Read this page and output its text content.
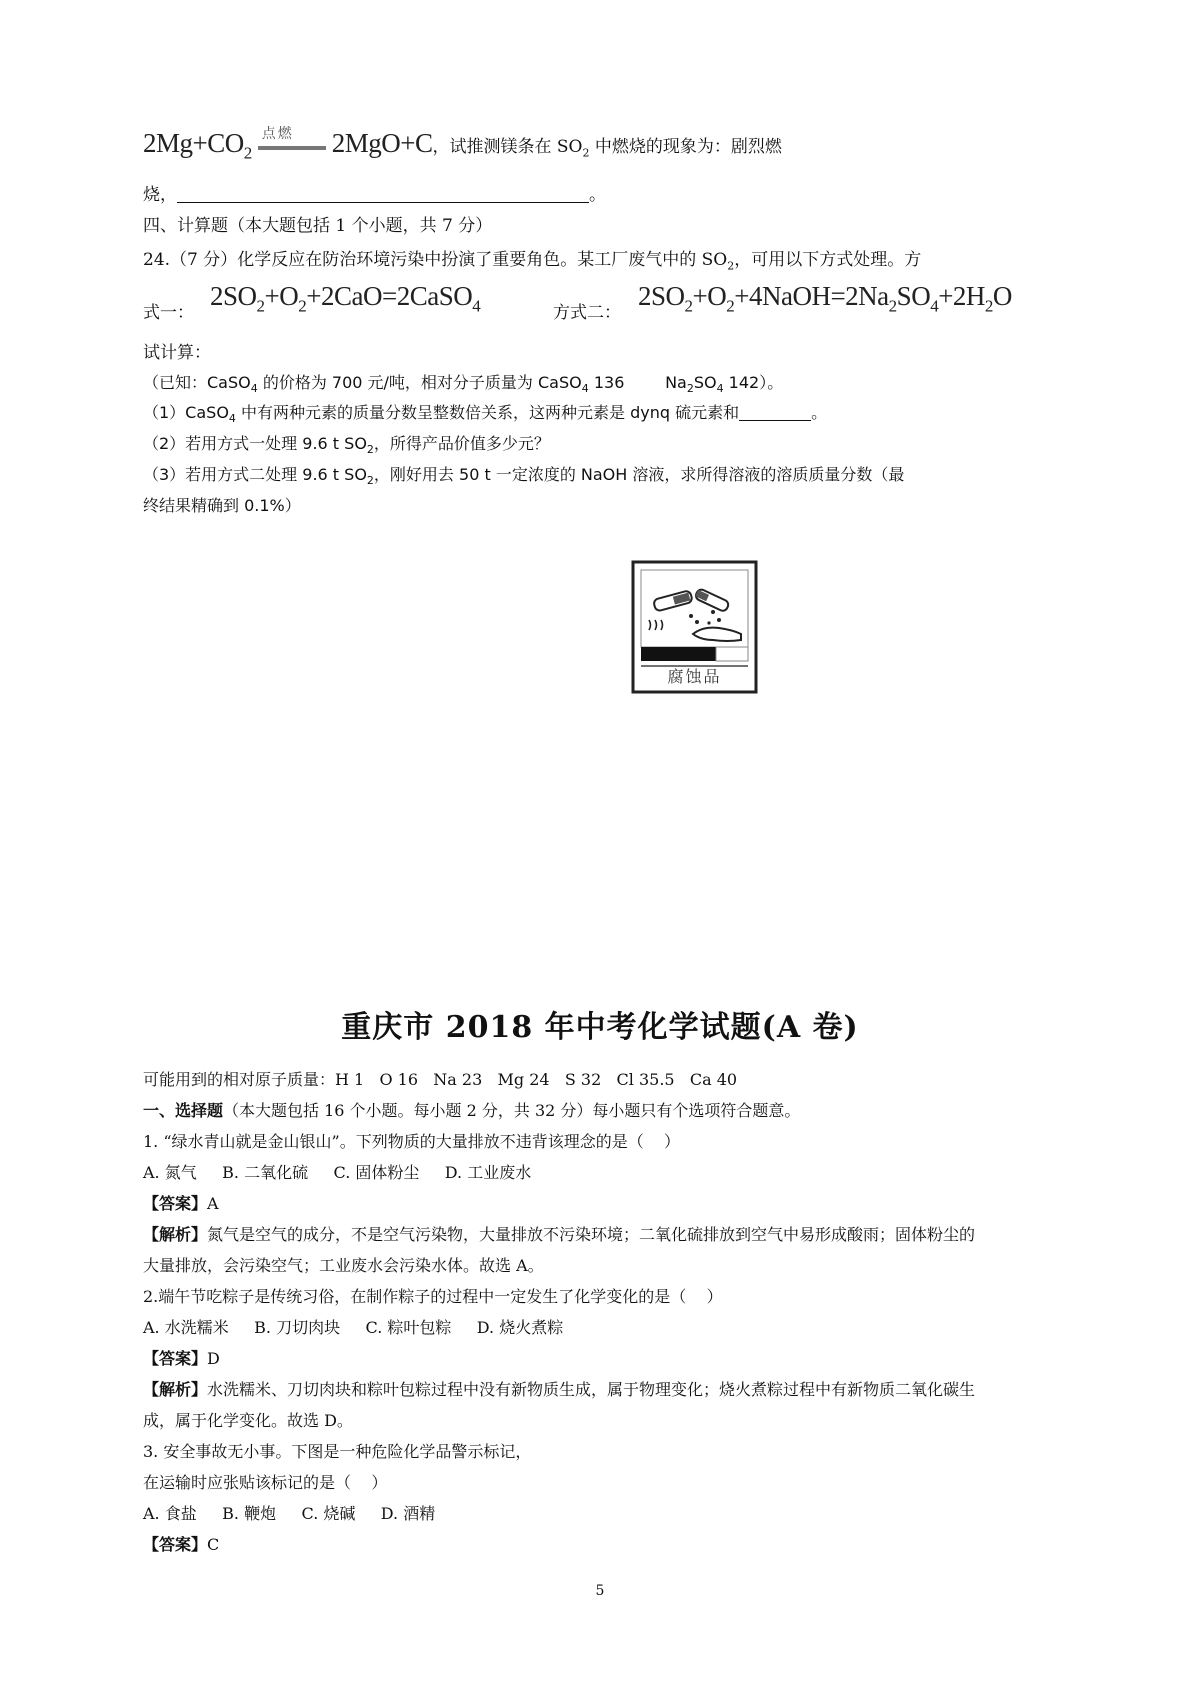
$2Mg+CO_2$
点燃 2MgO+C，试推测镁条在 $SO_2$ 中燃烧的现象为：剧烈燃
烧，	。
四、计算题（本大题包括 1 个小题，共 7 分）
24.（7 分）化学反应在防治环境污染中扮演了重要角色。某工厂废气中的 $SO_2$，可用以下方式处理。方
式一：
$2SO_2+O_2+2CaO=2CaSO_4$	方式二：
$2SO_2+O_2+4NaOH=2Na_2SO_4+2H_2O$
试计算：
（已知：CaSO$_4$ 的价格为 700 元/吨，相对分子质量为 CaSO$_4$ 136        $Na_2SO_4$ 142）。
（1）CaSO$_4$ 中有两种元素的质量分数呈整数倍关系，这两种元素是 dynq 硫元素和	。
（2）若用方式一处理 9.6 t $SO_2$，所得产品价值多少元？
（3）若用方式二处理 9.6 t $SO_2$，刚好用去 50 t 一定浓度的 NaOH 溶液，求所得溶液的溶质质量分数（最
终结果精确到 0.1%）
腐蚀品
重庆市 2018 年中考化学试题(A 卷)
可能用到的相对原子质量：H 1   O 16   Na 23   Mg 24   S 32   Cl 35.5   Ca 40
一、选择题（本大题包括 16 个小题。每小题 2 分，共 32 分）每小题只有个选项符合题意。
1. “绿水青山就是金山银山”。下列物质的大量排放不违背该理念的是（    ）
A. 氮气     B. 二氧化硫     C. 固体粉尘     D. 工业废水
【答案】A
【解析】氮气是空气的成分，不是空气污染物，大量排放不污染环境；二氧化硫排放到空气中易形成酸雨；固体粉尘的
大量排放，会污染空气；工业废水会污染水体。故选 A。
2.端午节吃粽子是传统习俗，在制作粽子的过程中一定发生了化学变化的是（    ）
A. 水洗糯米     B. 刀切肉块     C. 粽叶包粽     D. 烧火煮粽
【答案】D
【解析】水洗糯米、刀切肉块和粽叶包粽过程中没有新物质生成，属于物理变化；烧火煮粽过程中有新物质二氧化碳生
成，属于化学变化。故选 D。
3. 安全事故无小事。下图是一种危险化学品警示标记，
在运输时应张贴该标记的是（    ）
A. 食盐     B. 鞭炮     C. 烧碱     D. 酒精
【答案】C
5
